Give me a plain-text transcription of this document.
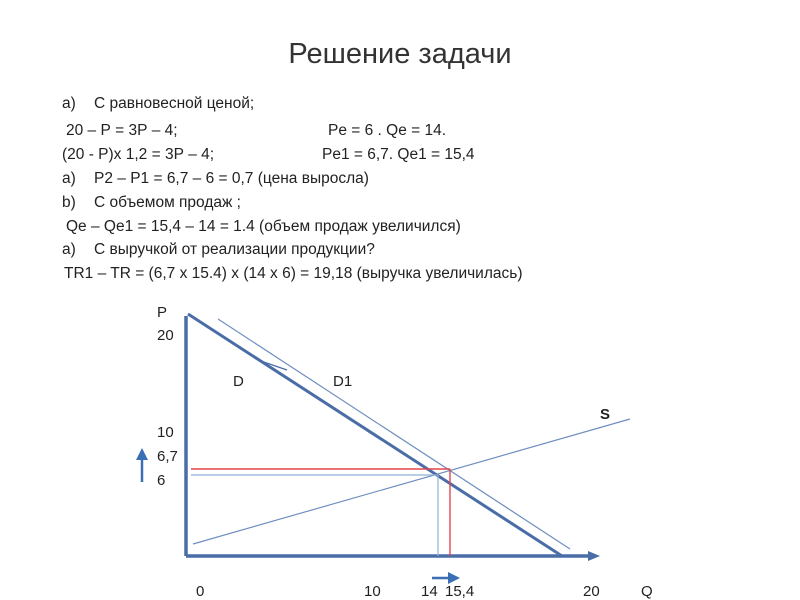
Решение задачи
a) С равновесной ценой;
20 – Р = 3Р – 4;	Pe = 6 . Qe = 14.
(20 - Р)х 1,2 = 3Р – 4;	Pe1 = 6,7. Qe1 = 15,4
a) Р2 – Р1 = 6,7 – 6 = 0,7 (цена выросла)
b) С объемом продаж ;
Qe – Qe1 = 15,4 – 14 = 1.4 (объем продаж увеличился)
a) С выручкой от реализации продукции?
TR1 – TR = (6,7 x 15.4) x (14 x 6) = 19,18 (выручка увеличилась)
P
20
10
6,7
6
D	D1
S
0	10	14 15,4	20	Q
